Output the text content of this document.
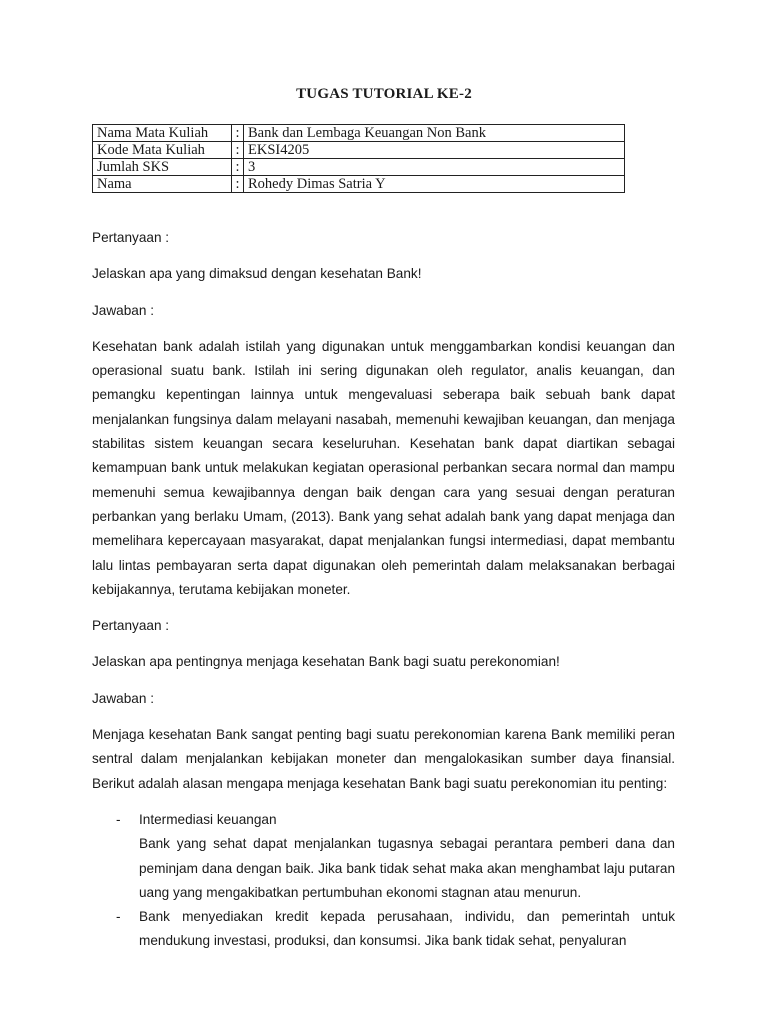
TUGAS TUTORIAL KE-2
Nama Mata Kuliah	:	Bank dan Lembaga Keuangan Non Bank
Kode Mata Kuliah	:	EKSI4205
Jumlah SKS	:	3
Nama	:	Rohedy Dimas Satria Y

Pertanyaan :

Jelaskan apa yang dimaksud dengan kesehatan Bank!

Jawaban :

Kesehatan bank adalah istilah yang digunakan untuk menggambarkan kondisi keuangan dan operasional suatu bank. Istilah ini sering digunakan oleh regulator, analis keuangan, dan pemangku kepentingan lainnya untuk mengevaluasi seberapa baik sebuah bank dapat menjalankan fungsinya dalam melayani nasabah, memenuhi kewajiban keuangan, dan menjaga stabilitas sistem keuangan secara keseluruhan. Kesehatan bank dapat diartikan sebagai kemampuan bank untuk melakukan kegiatan operasional perbankan secara normal dan mampu memenuhi semua kewajibannya dengan baik dengan cara yang sesuai dengan peraturan perbankan yang berlaku Umam, (2013). Bank yang sehat adalah bank yang dapat menjaga dan memelihara kepercayaan masyarakat, dapat menjalankan fungsi intermediasi, dapat membantu lalu lintas pembayaran serta dapat digunakan oleh pemerintah dalam melaksanakan berbagai kebijakannya, terutama kebijakan moneter.

Pertanyaan :

Jelaskan apa pentingnya menjaga kesehatan Bank bagi suatu perekonomian!

Jawaban :

Menjaga kesehatan Bank sangat penting bagi suatu perekonomian karena Bank memiliki peran sentral dalam menjalankan kebijakan moneter dan mengalokasikan sumber daya finansial. Berikut adalah alasan mengapa menjaga kesehatan Bank bagi suatu perekonomian itu penting:

- Intermediasi keuangan
Bank yang sehat dapat menjalankan tugasnya sebagai perantara pemberi dana dan peminjam dana dengan baik. Jika bank tidak sehat maka akan menghambat laju putaran uang yang mengakibatkan pertumbuhan ekonomi stagnan atau menurun.
- Bank menyediakan kredit kepada perusahaan, individu, dan pemerintah untuk mendukung investasi, produksi, dan konsumsi. Jika bank tidak sehat, penyaluran
